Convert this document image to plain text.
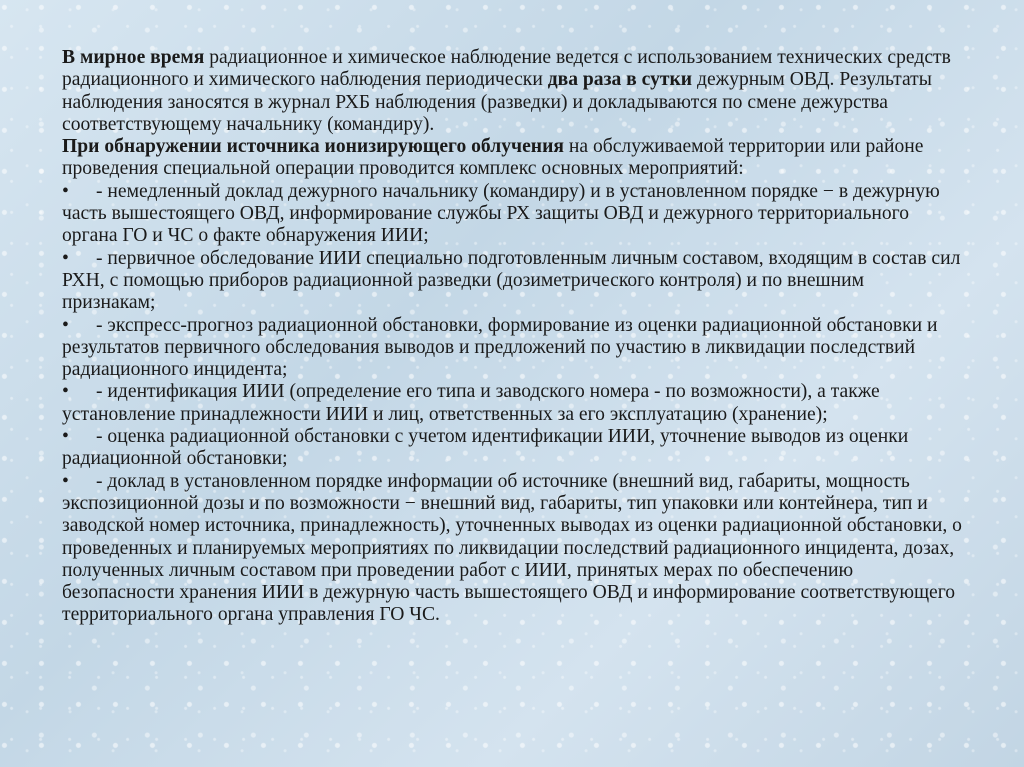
В мирное время радиационное и химическое наблюдение ведется с использованием технических средств радиационного и химического наблюдения периодически два раза в сутки дежурным ОВД. Результаты наблюдения заносятся в журнал РХБ наблюдения (разведки) и докладываются по смене дежурства соответствующему начальнику (командиру).

При обнаружении источника ионизирующего облучения на обслуживаемой территории или районе проведения специальной операции проводится комплекс основных мероприятий:

• - немедленный доклад дежурного начальнику (командиру) и в установленном порядке − в дежурную часть вышестоящего ОВД, информирование службы РХ защиты ОВД и дежурного территориального органа ГО и ЧС о факте обнаружения ИИИ;

• - первичное обследование ИИИ специально подготовленным личным составом, входящим в состав сил РХН, с помощью приборов радиационной разведки (дозиметрического контроля) и по внешним признакам;

• - экспресс-прогноз радиационной обстановки, формирование из оценки радиационной обстановки и результатов первичного обследования выводов и предложений по участию в ликвидации последствий радиационного инцидента;

• - идентификация ИИИ (определение его типа и заводского номера - по возможности), а также установление принадлежности ИИИ и лиц, ответственных за его эксплуатацию (хранение);

• - оценка радиационной обстановки с учетом идентификации ИИИ, уточнение выводов из оценки радиационной обстановки;

• - доклад в установленном порядке информации об источнике (внешний вид, габариты, мощность экспозиционной дозы и по возможности − внешний вид, габариты, тип упаковки или контейнера, тип и заводской номер источника, принадлежность), уточненных выводах из оценки радиационной обстановки, о проведенных и планируемых мероприятиях по ликвидации последствий радиационного инцидента, дозах, полученных личным составом при проведении работ с ИИИ, принятых мерах по обеспечению безопасности хранения ИИИ в дежурную часть вышестоящего ОВД и информирование соответствующего территориального органа управления ГО ЧС.
